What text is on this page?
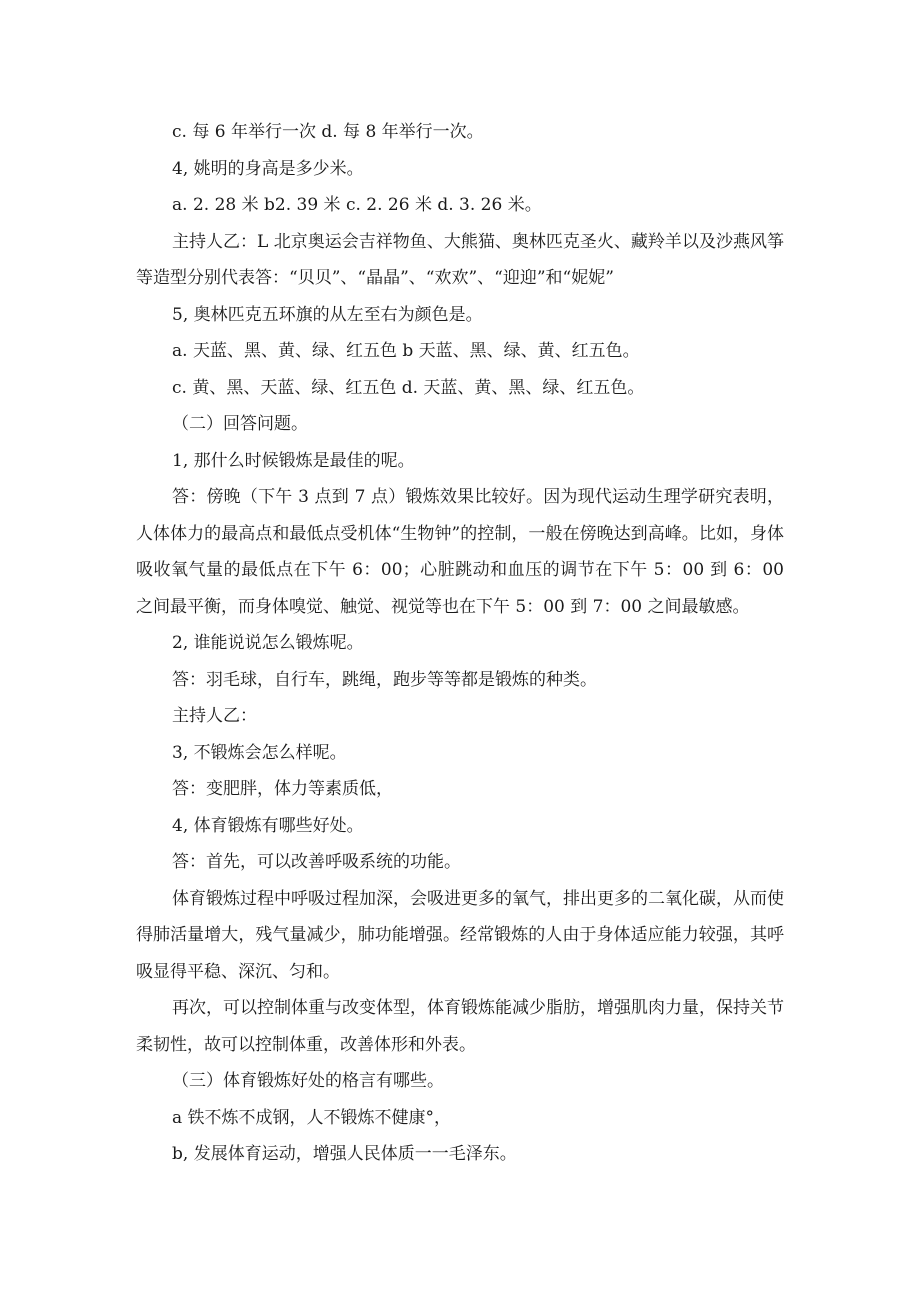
c. 每 6 年举行一次 d. 每 8 年举行一次。

4, 姚明的身高是多少米。

a. 2. 28 米 b2. 39 米 c. 2. 26 米 d. 3. 26 米。

主持人乙：L 北京奥运会吉祥物鱼、大熊猫、奥林匹克圣火、藏羚羊以及沙燕风筝等造型分别代表答：“贝贝”、“晶晶”、“欢欢”、“迎迎”和“妮妮”

5, 奥林匹克五环旗的从左至右为颜色是。

a. 天蓝、黑、黄、绿、红五色 b 天蓝、黑、绿、黄、红五色。

c. 黄、黑、天蓝、绿、红五色 d. 天蓝、黄、黑、绿、红五色。

（二）回答问题。

1, 那什么时候锻炼是最佳的呢。

答：傍晚（下午 3 点到 7 点）锻炼效果比较好。因为现代运动生理学研究表明，人体体力的最高点和最低点受机体“生物钟”的控制，一般在傍晚达到高峰。比如，身体吸收氧气量的最低点在下午 6：00；心脏跳动和血压的调节在下午 5：00 到 6：00 之间最平衡，而身体嗅觉、触觉、视觉等也在下午 5：00 到 7：00 之间最敏感。

2, 谁能说说怎么锻炼呢。

答：羽毛球，自行车，跳绳，跑步等等都是锻炼的种类。

主持人乙：

3, 不锻炼会怎么样呢。

答：变肥胖，体力等素质低，

4, 体育锻炼有哪些好处。

答：首先，可以改善呼吸系统的功能。

体育锻炼过程中呼吸过程加深，会吸进更多的氧气，排出更多的二氧化碳，从而使得肺活量增大，残气量减少，肺功能增强。经常锻炼的人由于身体适应能力较强，其呼吸显得平稳、深沉、匀和。

再次，可以控制体重与改变体型，体育锻炼能减少脂肪，增强肌肉力量，保持关节柔韧性，故可以控制体重，改善体形和外表。

（三）体育锻炼好处的格言有哪些。

a 铁不炼不成钢，人不锻炼不健康°，

b, 发展体育运动，增强人民体质一一毛泽东。
